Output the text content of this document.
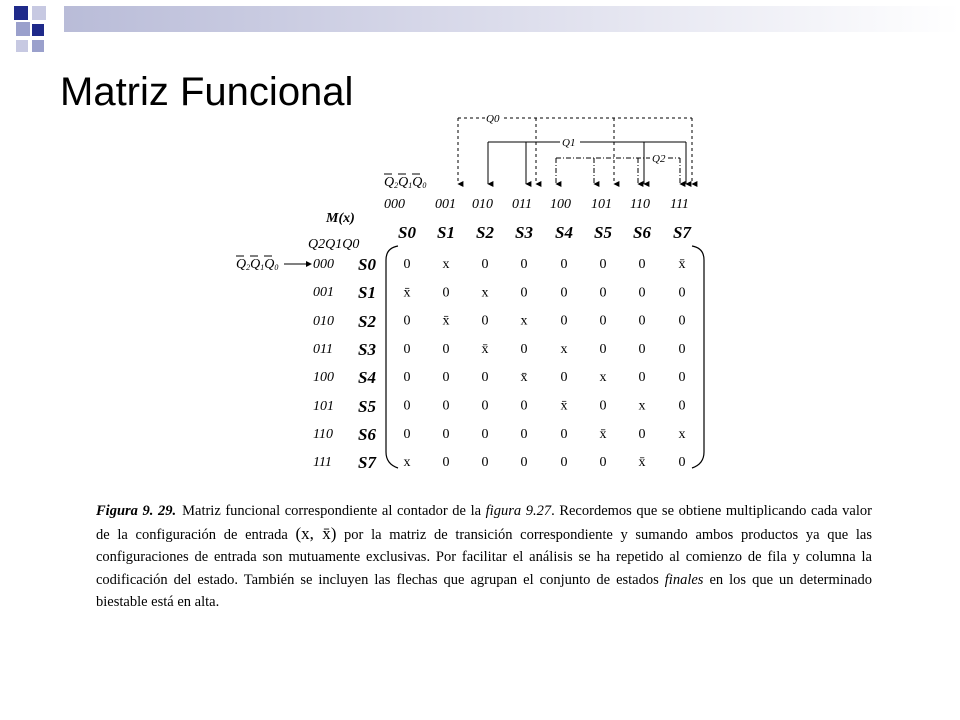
Matriz Funcional
Q0
Q1
Q2
Q2Q1Q0
000 001 010 011 100 101 110 111
M(x)
Q2Q1Q0
S0 S1 S2 S3 S4 S5 S6 S7
Q2Q1Q0 000
001
010
011
100
101
110
111
S0
S1
S2
S3
S4
S5
S6
S7
0 x 0 0 0 0 0 x̄
x̄ 0 x 0 0 0 0 0
0 x̄ 0 x 0 0 0 0
0 0 x̄ 0 x 0 0 0
0 0 0 x̄ 0 x 0 0
0 0 0 0 x̄ 0 x 0
0 0 0 0 0 x̄ 0 x
x 0 0 0 0 0 x̄ 0
Figura 9. 29. Matriz funcional correspondiente al contador de la figura 9.27. Recordemos que se obtiene multiplicando cada valor de la configuración de entrada (x, x̄) por la matriz de transición correspondiente y sumando ambos productos ya que las configuraciones de entrada son mutuamente exclusivas. Por facilitar el análisis se ha repetido al comienzo de fila y columna la codificación del estado. También se incluyen las flechas que agrupan el conjunto de estados finales en los que un determinado biestable está en alta.
